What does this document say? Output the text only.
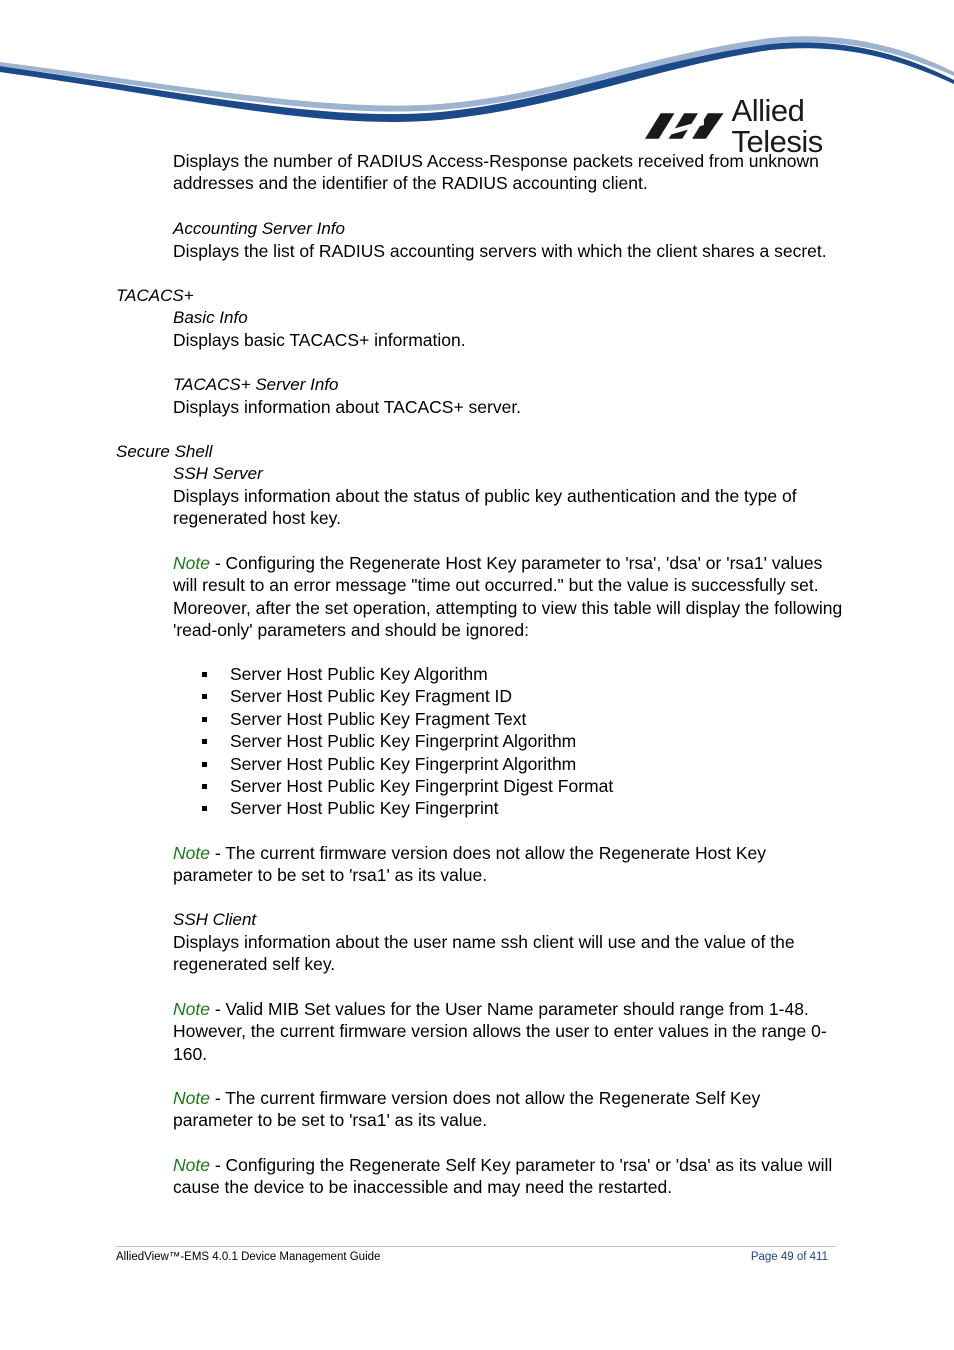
Allied Telesis
Displays the number of RADIUS Access-Response packets received from unknown addresses and the identifier of the RADIUS accounting client.
Accounting Server Info
Displays the list of RADIUS accounting servers with which the client shares a secret.
TACACS+
Basic Info
Displays basic TACACS+ information.
TACACS+ Server Info
Displays information about TACACS+ server.
Secure Shell
SSH Server
Displays information about the status of public key authentication and the type of regenerated host key.
Note - Configuring the Regenerate Host Key parameter to 'rsa', 'dsa' or 'rsa1' values will result to an error message "time out occurred." but the value is successfully set. Moreover, after the set operation, attempting to view this table will display the following 'read-only' parameters and should be ignored:
Server Host Public Key Algorithm
Server Host Public Key Fragment ID
Server Host Public Key Fragment Text
Server Host Public Key Fingerprint Algorithm
Server Host Public Key Fingerprint Algorithm
Server Host Public Key Fingerprint Digest Format
Server Host Public Key Fingerprint
Note - The current firmware version does not allow the Regenerate Host Key parameter to be set to 'rsa1' as its value.
SSH Client
Displays information about the user name ssh client will use and the value of the regenerated self key.
Note - Valid MIB Set values for the User Name parameter should range from 1-48. However, the current firmware version allows the user to enter values in the range 0-160.
Note - The current firmware version does not allow the Regenerate Self Key parameter to be set to 'rsa1' as its value.
Note - Configuring the Regenerate Self Key parameter to 'rsa' or 'dsa' as its value will cause the device to be inaccessible and may need the restarted.
AlliedView™-EMS 4.0.1 Device Management Guide	Page 49 of 411
